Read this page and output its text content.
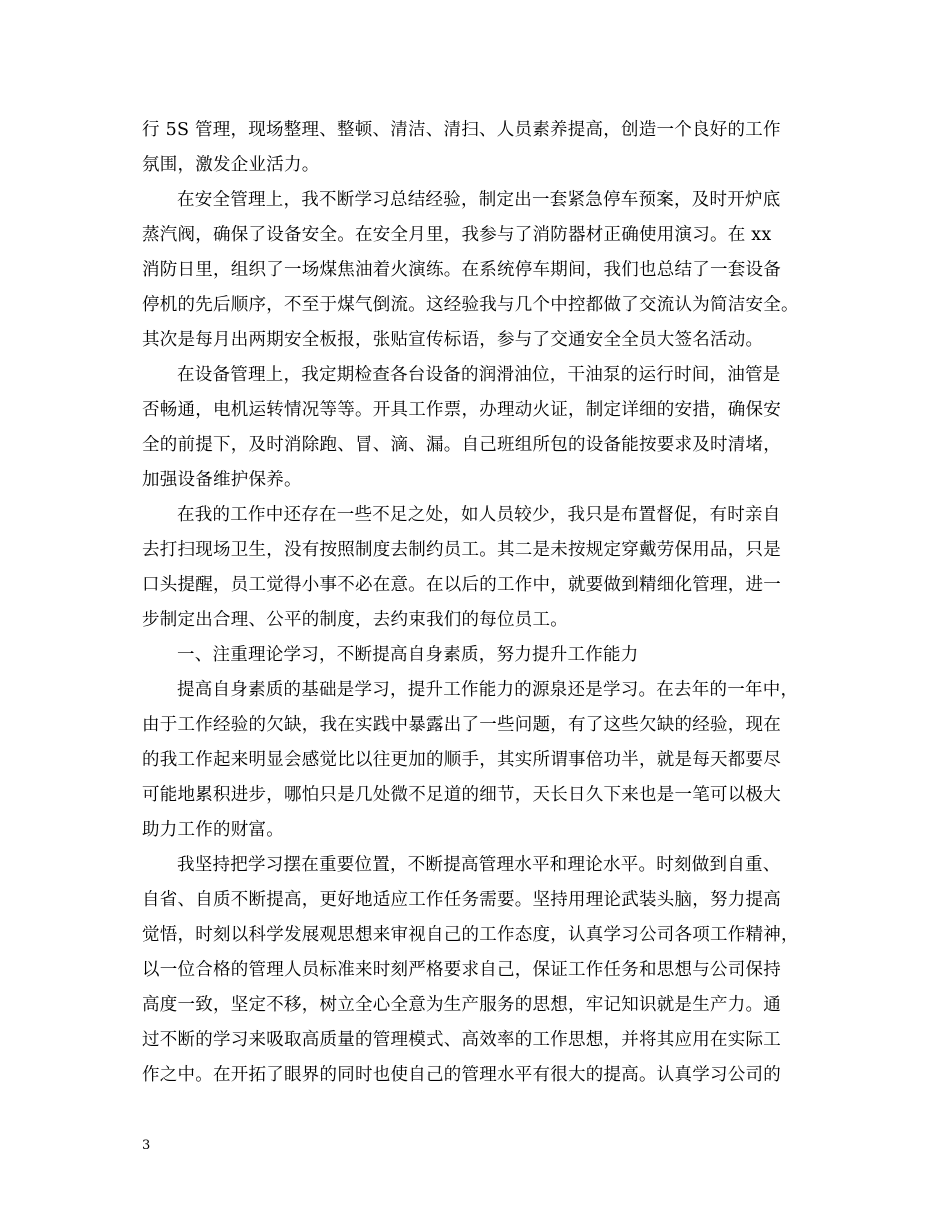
行 5S 管理，现场整理、整顿、清洁、清扫、人员素养提高，创造一个良好的工作
氛围，激发企业活力。
在安全管理上，我不断学习总结经验，制定出一套紧急停车预案，及时开炉底
蒸汽阀，确保了设备安全。在安全月里，我参与了消防器材正确使用演习。在 xx
消防日里，组织了一场煤焦油着火演练。在系统停车期间，我们也总结了一套设备
停机的先后顺序，不至于煤气倒流。这经验我与几个中控都做了交流认为简洁安全。
其次是每月出两期安全板报，张贴宣传标语，参与了交通安全全员大签名活动。
在设备管理上，我定期检查各台设备的润滑油位，干油泵的运行时间，油管是
否畅通，电机运转情况等等。开具工作票，办理动火证，制定详细的安措，确保安
全的前提下，及时消除跑、冒、滴、漏。自己班组所包的设备能按要求及时清堵，
加强设备维护保养。
在我的工作中还存在一些不足之处，如人员较少，我只是布置督促，有时亲自
去打扫现场卫生，没有按照制度去制约员工。其二是未按规定穿戴劳保用品，只是
口头提醒，员工觉得小事不必在意。在以后的工作中，就要做到精细化管理，进一
步制定出合理、公平的制度，去约束我们的每位员工。
一、注重理论学习，不断提高自身素质，努力提升工作能力
提高自身素质的基础是学习，提升工作能力的源泉还是学习。在去年的一年中，
由于工作经验的欠缺，我在实践中暴露出了一些问题，有了这些欠缺的经验，现在
的我工作起来明显会感觉比以往更加的顺手，其实所谓事倍功半，就是每天都要尽
可能地累积进步，哪怕只是几处微不足道的细节，天长日久下来也是一笔可以极大
助力工作的财富。
我坚持把学习摆在重要位置，不断提高管理水平和理论水平。时刻做到自重、
自省、自质不断提高，更好地适应工作任务需要。坚持用理论武装头脑，努力提高
觉悟，时刻以科学发展观思想来审视自己的工作态度，认真学习公司各项工作精神，
以一位合格的管理人员标准来时刻严格要求自己，保证工作任务和思想与公司保持
高度一致，坚定不移，树立全心全意为生产服务的思想，牢记知识就是生产力。通
过不断的学习来吸取高质量的管理模式、高效率的工作思想，并将其应用在实际工
作之中。在开拓了眼界的同时也使自己的管理水平有很大的提高。认真学习公司的
3
